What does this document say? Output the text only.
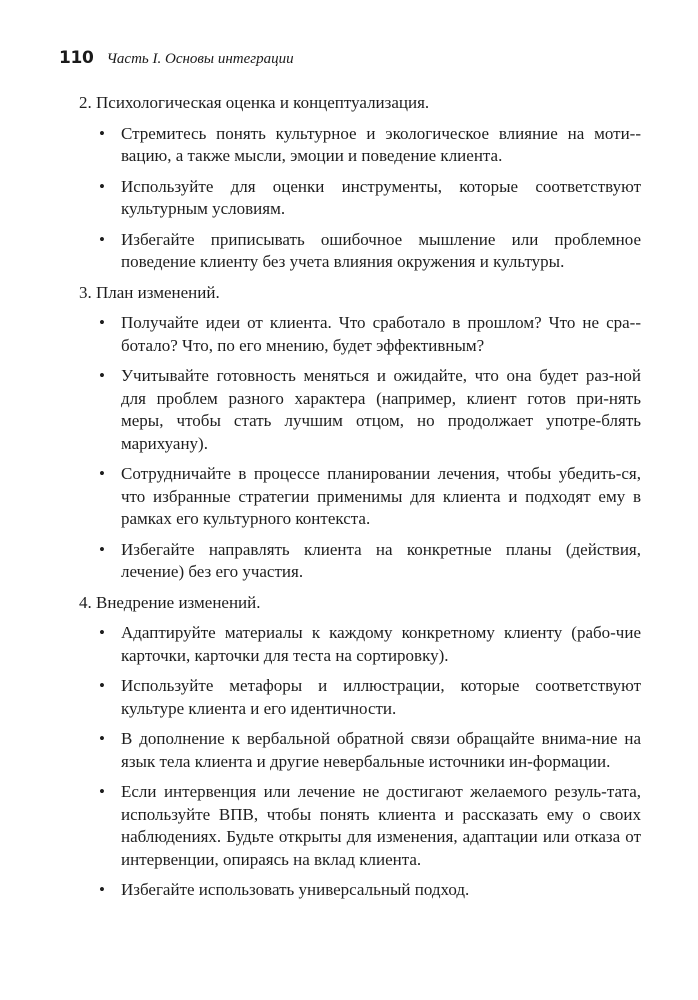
110 Часть I. Основы интеграции
2. Психологическая оценка и концептуализация.
• Стремитесь понять культурное и экологическое влияние на моти-вацию, а также мысли, эмоции и поведение клиента.
• Используйте для оценки инструменты, которые соответствуют культурным условиям.
• Избегайте приписывать ошибочное мышление или проблемное поведение клиенту без учета влияния окружения и культуры.
3. План изменений.
• Получайте идеи от клиента. Что сработало в прошлом? Что не сра-ботало? Что, по его мнению, будет эффективным?
• Учитывайте готовность меняться и ожидайте, что она будет раз-ной для проблем разного характера (например, клиент готов при-нять меры, чтобы стать лучшим отцом, но продолжает употре-блять марихуану).
• Сотрудничайте в процессе планировании лечения, чтобы убедить-ся, что избранные стратегии применимы для клиента и подходят ему в рамках его культурного контекста.
• Избегайте направлять клиента на конкретные планы (действия, лечение) без его участия.
4. Внедрение изменений.
• Адаптируйте материалы к каждому конкретному клиенту (рабо-чие карточки, карточки для теста на сортировку).
• Используйте метафоры и иллюстрации, которые соответствуют культуре клиента и его идентичности.
• В дополнение к вербальной обратной связи обращайте внима-ние на язык тела клиента и другие невербальные источники ин-формации.
• Если интервенция или лечение не достигают желаемого резуль-тата, используйте ВПВ, чтобы понять клиента и рассказать ему о своих наблюдениях. Будьте открыты для изменения, адаптации или отказа от интервенции, опираясь на вклад клиента.
• Избегайте использовать универсальный подход.
